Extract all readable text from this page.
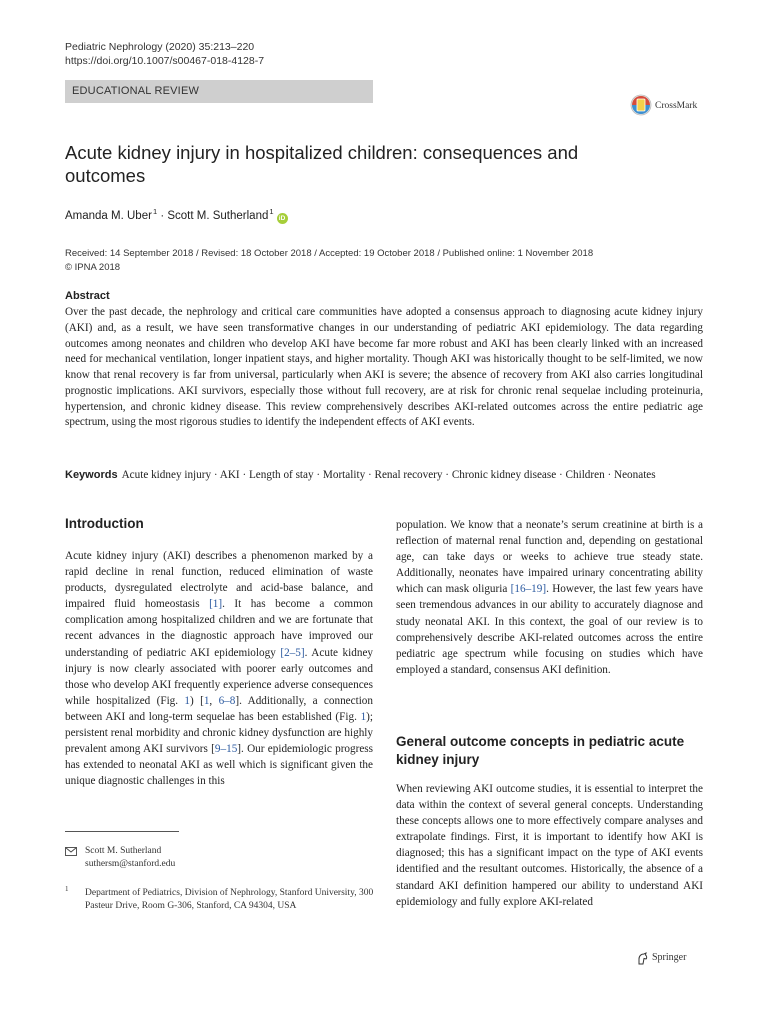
Pediatric Nephrology (2020) 35:213–220
https://doi.org/10.1007/s00467-018-4128-7
EDUCATIONAL REVIEW
CrossMark
Acute kidney injury in hospitalized children: consequences and outcomes
Amanda M. Uber$^1$ · Scott M. Sutherland$^1$iD
Received: 14 September 2018 / Revised: 18 October 2018 / Accepted: 19 October 2018 / Published online: 1 November 2018
© IPNA 2018
Abstract

Over the past decade, the nephrology and critical care communities have adopted a consensus approach to diagnosing acute kidney injury (AKI) and, as a result, we have seen transformative changes in our understanding of pediatric AKI epidemiology. The data regarding outcomes among neonates and children who develop AKI have become far more robust and AKI has been clearly linked with an increased need for mechanical ventilation, longer inpatient stays, and higher mortality. Though AKI was historically thought to be self-limited, we now know that renal recovery is far from universal, particularly when AKI is severe; the absence of recovery from AKI also carries longitudinal prognostic implications. AKI survivors, especially those without full recovery, are at risk for chronic renal sequelae including proteinuria, hypertension, and chronic kidney disease. This review comprehensively describes AKI-related outcomes across the entire pediatric age spectrum, using the most rigorous studies to identify the independent effects of AKI events.

Keywords Acute kidney injury · AKI · Length of stay · Mortality · Renal recovery · Chronic kidney disease · Children · Neonates
Introduction

Acute kidney injury (AKI) describes a phenomenon marked by a rapid decline in renal function, reduced elimination of waste products, dysregulated electrolyte and acid-base balance, and impaired fluid homeostasis [1]. It has become a common complication among hospitalized children and we are fortunate that recent advances in the diagnostic approach have improved our understanding of pediatric AKI epidemiology [2–5]. Acute kidney injury is now clearly associated with poorer early outcomes and those who develop AKI frequently experience adverse consequences while hospitalized (Fig. 1) [1, 6–8]. Additionally, a connection between AKI and long-term sequelae has been established (Fig. 1); persistent renal morbidity and chronic kidney dysfunction are highly prevalent among AKI survivors [9–15]. Our epidemiologic progress has extended to neonatal AKI as well which is significant given the unique diagnostic challenges in this

population. We know that a neonate’s serum creatinine at birth is a reflection of maternal renal function and, depending on gestational age, can take days or weeks to achieve true steady state. Additionally, neonates have impaired urinary concentrating ability which can mask oliguria [16–19]. However, the last few years have seen tremendous advances in our ability to accurately diagnose and study neonatal AKI. In this context, the goal of our review is to comprehensively describe AKI-related outcomes across the entire pediatric age spectrum while focusing on studies which have employed a standard, consensus AKI definition.

General outcome concepts in pediatric acute kidney injury

When reviewing AKI outcome studies, it is essential to interpret the data within the context of several general concepts. Understanding these concepts allows one to more effectively compare analyses and extrapolate findings. First, it is important to identify how AKI is diagnosed; this has a significant impact on the type of AKI events identified and the resultant outcomes. Historically, the absence of a standard AKI definition hampered our ability to understand AKI epidemiology and fully explore AKI-related

Scott M. Sutherland
suthersm@stanford.edu
1 Department of Pediatrics, Division of Nephrology, Stanford University, 300 Pasteur Drive, Room G-306, Stanford, CA 94304, USA

Springer
